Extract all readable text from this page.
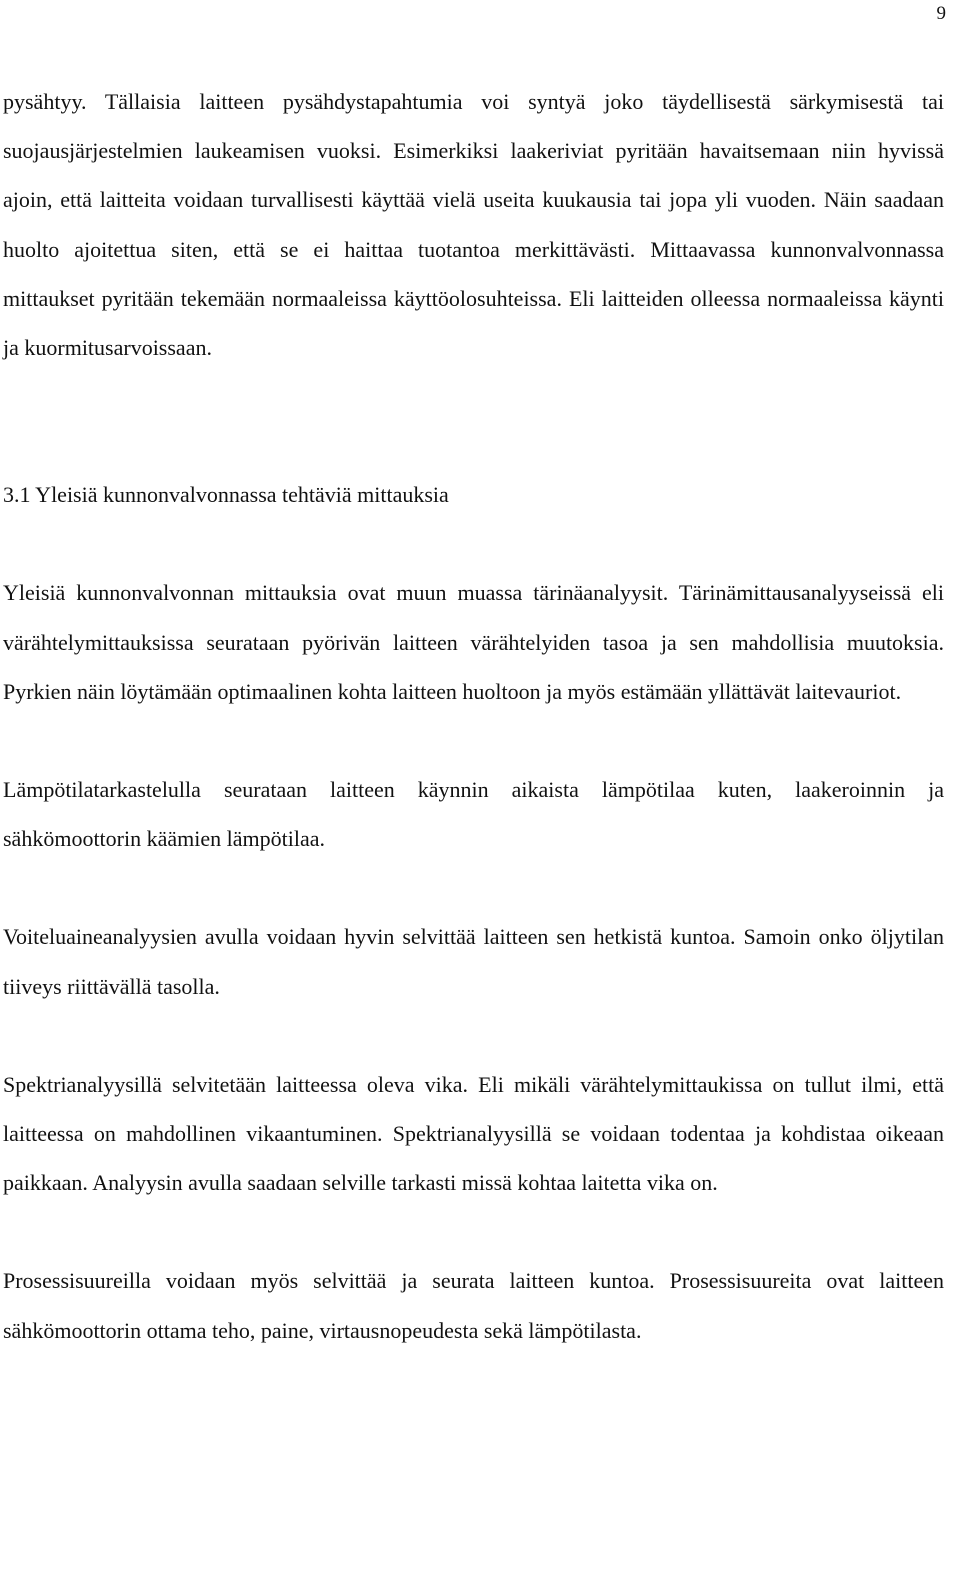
9

pysähtyy. Tällaisia laitteen pysähdystapahtumia voi syntyä joko täydellisestä särkymisestä tai suojausjärjestelmien laukeamisen vuoksi. Esimerkiksi laakeriviat pyritään havaitsemaan niin hyvissä ajoin, että laitteita voidaan turvallisesti käyttää vielä useita kuukausia tai jopa yli vuoden. Näin saadaan huolto ajoitettua siten, että se ei haittaa tuotantoa merkittävästi. Mittaavassa kunnonvalvonnassa mittaukset pyritään tekemään normaaleissa käyttöolosuhteissa. Eli laitteiden olleessa normaaleissa käynti ja kuormitusarvoissaan.

3.1 Yleisiä kunnonvalvonnassa tehtäviä mittauksia

Yleisiä kunnonvalvonnan mittauksia ovat muun muassa tärinäanalyysit. Tärinämittausanalyyseissä eli värähtelymittauksissa seurataan pyörivän laitteen värähtelyiden tasoa ja sen mahdollisia muutoksia. Pyrkien näin löytämään optimaalinen kohta laitteen huoltoon ja myös estämään yllättävät laitevauriot.

Lämpötilatarkastelulla seurataan laitteen käynnin aikaista lämpötilaa kuten, laakeroinnin ja sähkömoottorin käämien lämpötilaa.

Voiteluaineanalyysien avulla voidaan hyvin selvittää laitteen sen hetkistä kuntoa. Samoin onko öljytilan tiiveys riittävällä tasolla.

Spektrianalyysillä selvitetään laitteessa oleva vika. Eli mikäli värähtelymittaukissa on tullut ilmi, että laitteessa on mahdollinen vikaantuminen. Spektrianalyysillä se voidaan todentaa ja kohdistaa oikeaan paikkaan. Analyysin avulla saadaan selville tarkasti missä kohtaa laitetta vika on.

Prosessisuureilla voidaan myös selvittää ja seurata laitteen kuntoa. Prosessisuureita ovat laitteen sähkömoottorin ottama teho, paine, virtausnopeudesta sekä lämpötilasta.
